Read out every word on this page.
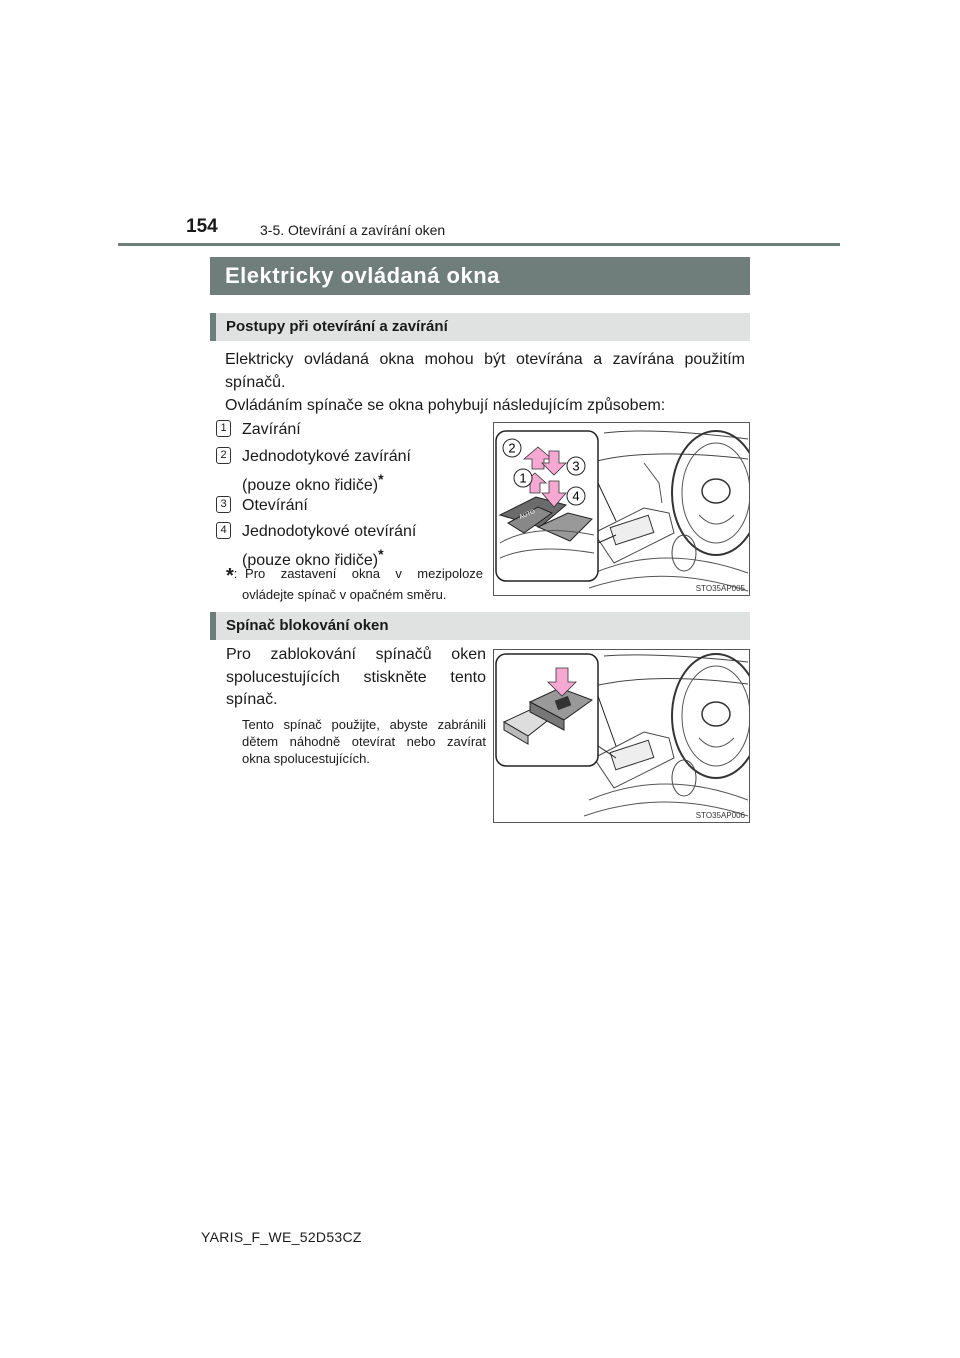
154	3-5. Otevírání a zavírání oken
Elektricky ovládaná okna
Postupy při otevírání a zavírání
Elektricky ovládaná okna mohou být otevírána a zavírána použitím spínačů.
Ovládáním spínače se okna pohybují následujícím způsobem:
1 Zavírání
2 Jednodotykové zavírání
(pouze okno řidiče)*
3 Otevírání
4 Jednodotykové otevírání
(pouze okno řidiče)*
*: Pro zastavení okna v mezipoloze
ovládejte spínač v opačném směru.
AUTO
1
2
3
4
STO35AP005
Spínač blokování oken
Pro zablokování spínačů oken spolucestujících stiskněte tento spínač.
Tento spínač použijte, abyste zabránili dětem náhodně otevírat nebo zavírat okna spolucestujících.
STO35AP006
YARIS_F_WE_52D53CZ
